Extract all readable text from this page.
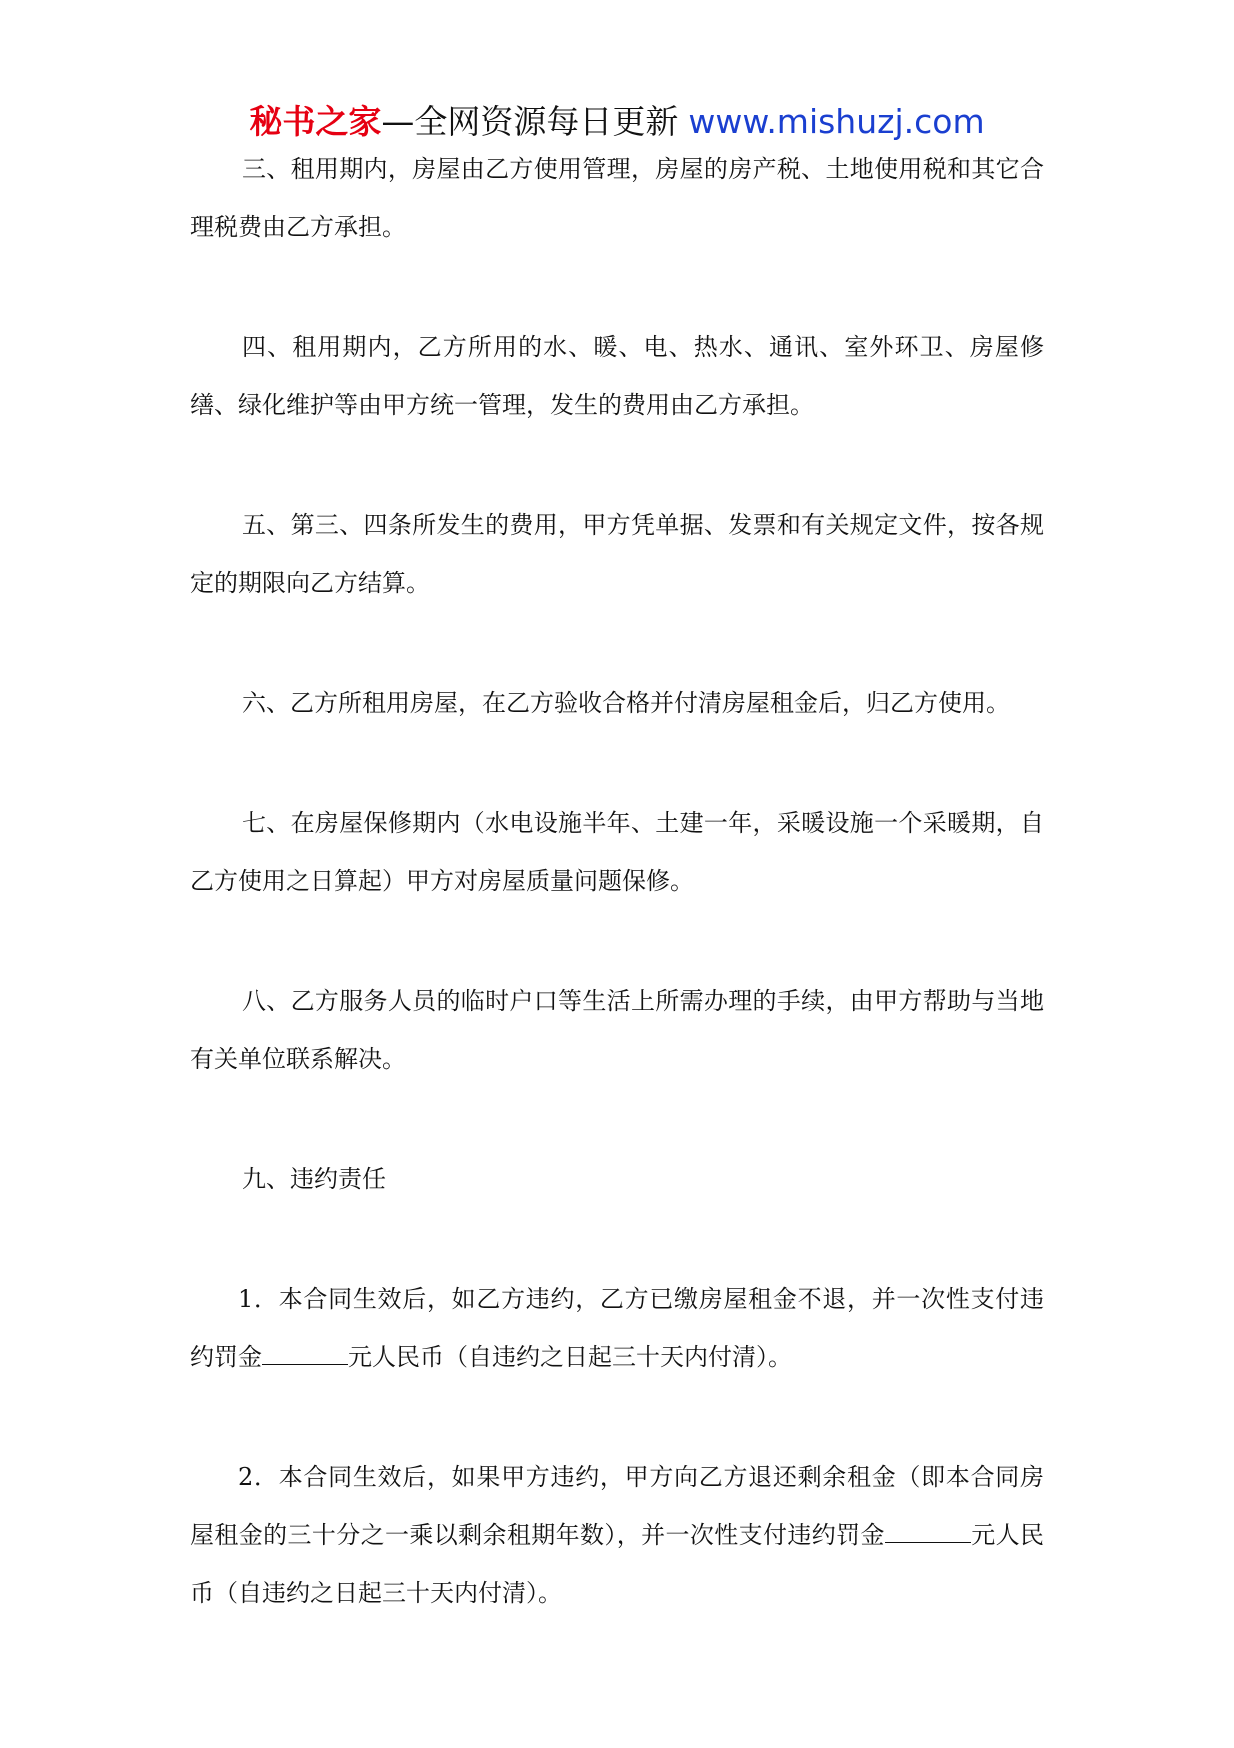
秘书之家—全网资源每日更新 www.mishuzj.com

三、租用期内，房屋由乙方使用管理，房屋的房产税、土地使用税和其它合理税费由乙方承担。

四、租用期内，乙方所用的水、暖、电、热水、通讯、室外环卫、房屋修缮、绿化维护等由甲方统一管理，发生的费用由乙方承担。

五、第三、四条所发生的费用，甲方凭单据、发票和有关规定文件，按各规定的期限向乙方结算。

六、乙方所租用房屋，在乙方验收合格并付清房屋租金后，归乙方使用。

七、在房屋保修期内（水电设施半年、土建一年，采暖设施一个采暖期，自乙方使用之日算起）甲方对房屋质量问题保修。

八、乙方服务人员的临时户口等生活上所需办理的手续，由甲方帮助与当地有关单位联系解决。

九、违约责任

1．本合同生效后，如乙方违约，乙方已缴房屋租金不退，并一次性支付违约罚金	元人民币（自违约之日起三十天内付清）。

2．本合同生效后，如果甲方违约，甲方向乙方退还剩余租金（即本合同房屋租金的三十分之一乘以剩余租期年数），并一次性支付违约罚金	元人民币（自违约之日起三十天内付清）。
